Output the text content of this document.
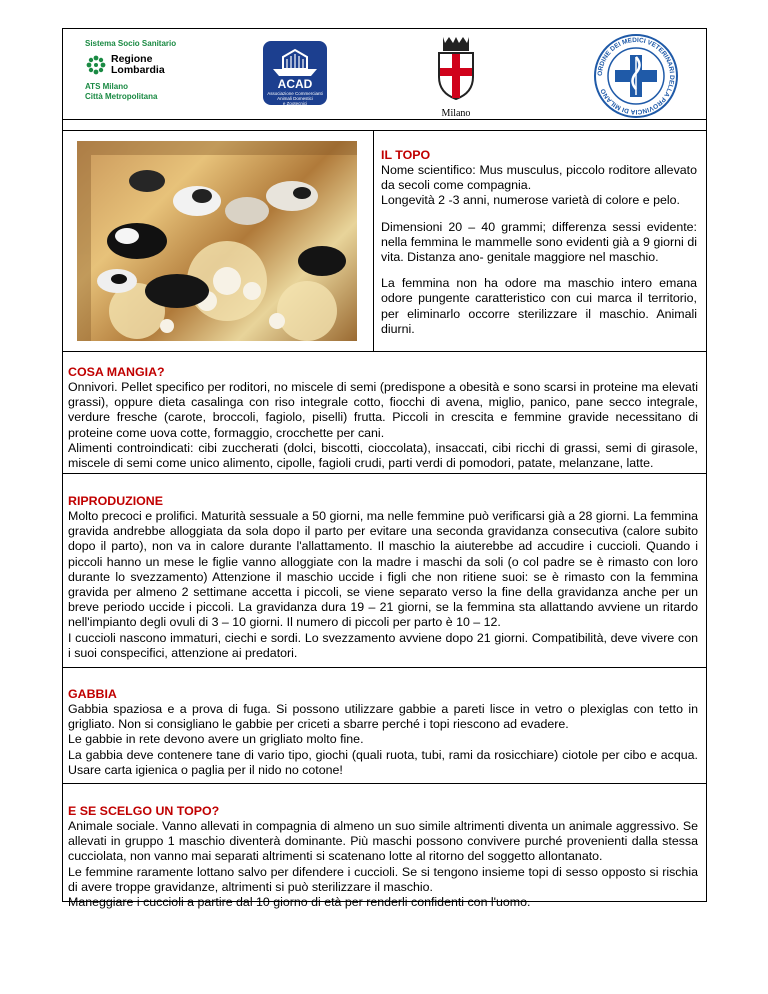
Sistema Socio Sanitario
Regione
Lombardia
ATS Milano
Città Metropolitana
ACAD
Associazione Commercianti
Animali Domestici
e Zootecnici
Milano
ORDINE DEI MEDICI VETERINARI DELLA PROVINCIA DI MILANO
IL TOPO

Nome scientifico: Mus musculus, piccolo roditore allevato da secoli come compagnia.

Longevità 2 -3 anni, numerose varietà di colore e pelo.

Dimensioni 20 – 40 grammi; differenza sessi evidente: nella femmina le mammelle sono evidenti già a 9 giorni di vita. Distanza ano- genitale maggiore nel maschio.

La femmina non ha odore ma maschio intero emana odore pungente caratteristico con cui marca il territorio, per eliminarlo occorre sterilizzare il maschio. Animali diurni.

COSA MANGIA?

Onnivori. Pellet specifico per roditori, no miscele di semi (predispone a obesità e sono scarsi in proteine ma elevati grassi), oppure dieta casalinga con riso integrale cotto, fiocchi di avena, miglio, panico, pane secco integrale, verdure fresche (carote, broccoli, fagiolo, piselli) frutta. Piccoli in crescita e femmine gravide necessitano di proteine come uova cotte, formaggio, crocchette per cani.

Alimenti controindicati: cibi zuccherati (dolci, biscotti, cioccolata), insaccati, cibi ricchi di grassi, semi di girasole, miscele di semi come unico alimento, cipolle, fagioli crudi, parti verdi di pomodori, patate, melanzane, latte.

RIPRODUZIONE

Molto precoci e prolifici. Maturità sessuale a 50 giorni, ma nelle femmine può verificarsi già a 28 giorni. La femmina gravida andrebbe alloggiata da sola dopo il parto per evitare una seconda gravidanza consecutiva (calore subito dopo il parto), non va in calore durante l'allattamento. Il maschio la aiuterebbe ad accudire i cuccioli. Quando i piccoli hanno un mese le figlie vanno alloggiate con la madre i maschi da soli (o col padre se è rimasto con loro durante lo svezzamento) Attenzione il maschio uccide i figli che non ritiene suoi: se è rimasto con la femmina gravida per almeno 2 settimane accetta i piccoli, se viene separato verso la fine della gravidanza anche per un breve periodo uccide i piccoli. La gravidanza dura 19 – 21 giorni, se la femmina sta allattando avviene un ritardo nell'impianto degli ovuli di 3 – 10 giorni. Il numero di piccoli per parto è 10 – 12.

I cuccioli nascono immaturi, ciechi e sordi. Lo svezzamento avviene dopo 21 giorni. Compatibilità, deve vivere con i suoi conspecifici, attenzione ai predatori.

GABBIA

Gabbia spaziosa e a prova di fuga. Si possono utilizzare gabbie a pareti lisce in vetro o plexiglas con tetto in grigliato. Non si consigliano le gabbie per criceti a sbarre perché i topi riescono ad evadere.

Le gabbie in rete devono avere un grigliato molto fine.

La gabbia deve contenere tane di vario tipo, giochi (quali ruota, tubi, rami da rosicchiare) ciotole per cibo e acqua. Usare carta igienica o paglia per il nido no cotone!

E SE SCELGO UN TOPO?

Animale sociale. Vanno allevati in compagnia di almeno un suo simile altrimenti diventa un animale aggressivo. Se allevati in gruppo 1 maschio diventerà dominante. Più maschi possono convivere purché provenienti dalla stessa cucciolata, non vanno mai separati altrimenti si scatenano lotte al ritorno del soggetto allontanato.

Le femmine raramente lottano salvo per difendere i cuccioli. Se si tengono insieme topi di sesso opposto si rischia di avere troppe gravidanze, altrimenti si può sterilizzare il maschio.

Maneggiare i cuccioli a partire dal 10 giorno di età per renderli confidenti con l'uomo.
